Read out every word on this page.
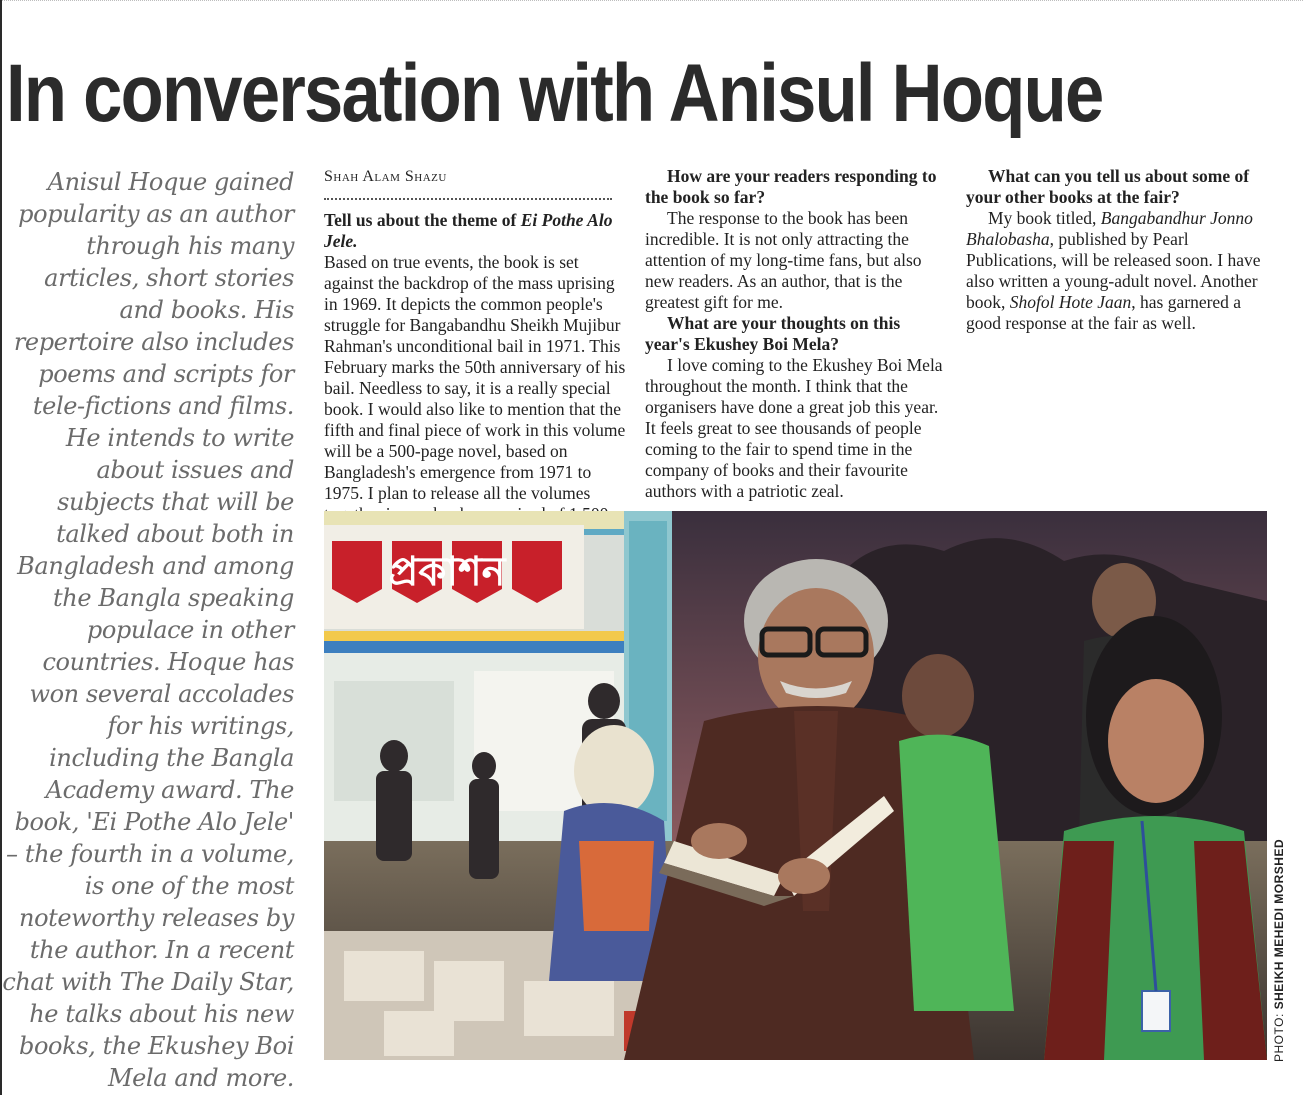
In conversation with Anisul Hoque

Anisul Hoque gained popularity as an author through his many articles, short stories and books. His repertoire also includes poems and scripts for tele-fictions and films. He intends to write about issues and subjects that will be talked about both in Bangladesh and among the Bangla speaking populace in other countries. Hoque has won several accolades for his writings, including the Bangla Academy award. The book, 'Ei Pothe Alo Jele' – the fourth in a volume, is one of the most noteworthy releases by the author. In a recent chat with The Daily Star, he talks about his new books, the Ekushey Boi Mela and more.

Shah Alam Shazu

Tell us about the theme of Ei Pothe Alo Jele.

Based on true events, the book is set against the backdrop of the mass uprising in 1969. It depicts the common people's struggle for Bangabandhu Sheikh Mujibur Rahman's unconditional bail in 1971. This February marks the 50th anniversary of his bail. Needless to say, it is a really special book. I would also like to mention that the fifth and final piece of work in this volume will be a 500-page novel, based on Bangladesh's emergence from 1971 to 1975. I plan to release all the volumes

How are your readers responding to the book so far?

The response to the book has been incredible. It is not only attracting the attention of my long-time fans, but also new readers. As an author, that is the greatest gift for me.

What are your thoughts on this year's Ekushey Boi Mela?

I love coming to the Ekushey Boi Mela throughout the month. I think that the organisers have done a great job this year. It feels great to see thousands of people coming to the fair to spend time in the company of books and their favourite authors with a patriotic zeal.

What can you tell us about some of your other books at the fair?

My book titled, Bangabandhur Jonno Bhalobasha, published by Pearl Publications, will be released soon. I have also written a young-adult novel. Another book, Shofol Hote Jaan, has garnered a good response at the fair as well.

প্রকাশন
PHOTO: SHEIKH MEHEDI MORSHED
